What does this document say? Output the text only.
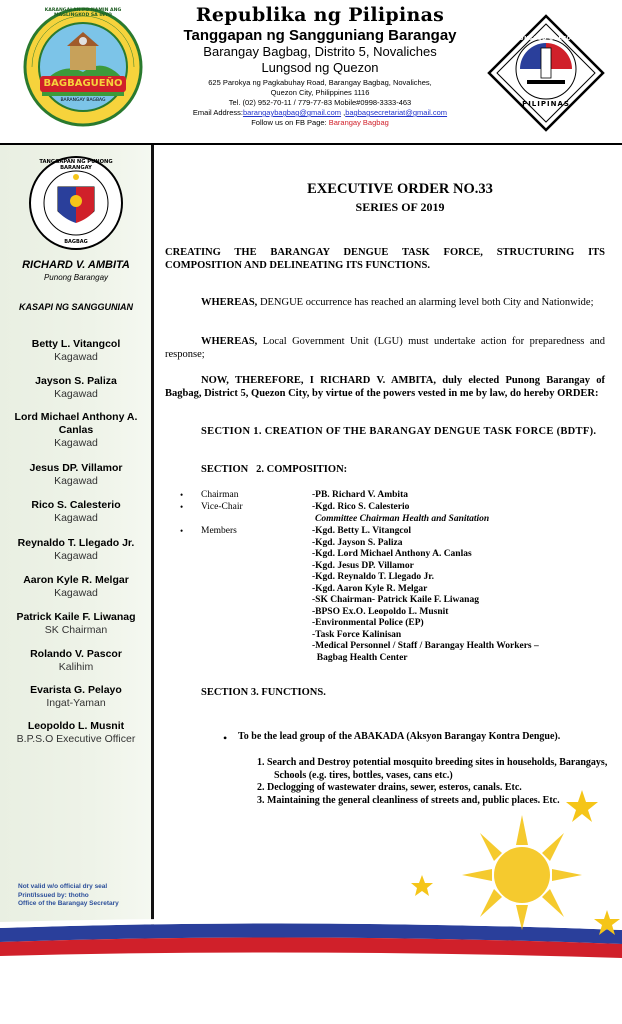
BAGBAGUEÑO
BARANGAY BAGBAG
KARANGALAN PO NAMIN ANG MAGLINGKOD SA INYO	Republika ng Pilipinas
Tanggapan ng Sangguniang Barangay
Barangay Bagbag, Distrito 5, Novaliches
Lungsod ng Quezon
625 Parokya ng Pagkabuhay Road, Barangay Bagbag, Novaliches,
Quezon City, Philippines 1116
Tel. (02) 952-70-11 / 779-77-83 Mobile#0998-3333-463
Email Address:barangaybagbag@gmail.com ,bagbagsecretariat@gmail.com
Follow us on FB Page: Barangay Bagbag
PILIPINAS
LUNGSOD QUEZON
TANGGAPAN NG PUNONG BARANGAY
BAGBAG
RICHARD V. AMBITA
Punong Barangay
KASAPI NG SANGGUNIAN
Betty L. Vitangcol
Kagawad
Jayson S. Paliza
Kagawad
Lord Michael Anthony A. Canlas
Kagawad
Jesus DP. Villamor
Kagawad
Rico S. Calesterio
Kagawad
Reynaldo T. Llegado Jr.
Kagawad
Aaron Kyle R. Melgar
Kagawad
Patrick Kaile F. Liwanag
SK Chairman
Rolando V. Pascor
Kalihim
Evarista G. Pelayo
Ingat-Yaman
Leopoldo L. Musnit
B.P.S.O Executive Officer
Not valid w/o official dry seal
Print/Issued by: thotho
Office of the Barangay Secretary
EXECUTIVE ORDER NO.33
SERIES OF 2019
CREATING THE BARANGAY DENGUE TASK FORCE, STRUCTURING ITS COMPOSITION AND DELINEATING ITS FUNCTIONS.
WHEREAS, DENGUE occurrence has reached an alarming level both City and Nationwide;
WHEREAS, Local Government Unit (LGU) must undertake action for preparedness and response;
NOW, THEREFORE, I RICHARD V. AMBITA, duly elected Punong Barangay of Bagbag, District 5, Quezon City, by virtue of the powers vested in me by law, do hereby ORDER:
SECTION 1. CREATION OF THE BARANGAY DENGUE TASK FORCE (BDTF).
SECTION   2. COMPOSITION:
• Chairman	-PB. Richard V. Ambita
• Vice-Chair	-Kgd. Rico S. Calesterio
Committee Chairman Health and Sanitation
• Members	-Kgd. Betty L. Vitangcol
-Kgd. Jayson S. Paliza
-Kgd. Lord Michael Anthony A. Canlas
-Kgd. Jesus DP. Villamor
-Kgd. Reynaldo T. Llegado Jr.
-Kgd. Aaron Kyle R. Melgar
-SK Chairman- Patrick Kaile F. Liwanag
-BPSO Ex.O. Leopoldo L. Musnit
-Environmental Police (EP)
-Task Force Kalinisan
-Medical Personnel / Staff / Barangay Health Workers –
Bagbag Health Center
SECTION 3. FUNCTIONS.
• To be the lead group of the ABAKADA (Aksyon Barangay Kontra Dengue).
1. Search and Destroy potential mosquito breeding sites in households, Barangays, Schools (e.g. tires, bottles, vases, cans etc.)
2. Declogging of wastewater drains, sewer, esteros, canals. Etc.
3. Maintaining the general cleanliness of streets and, public places. Etc.
